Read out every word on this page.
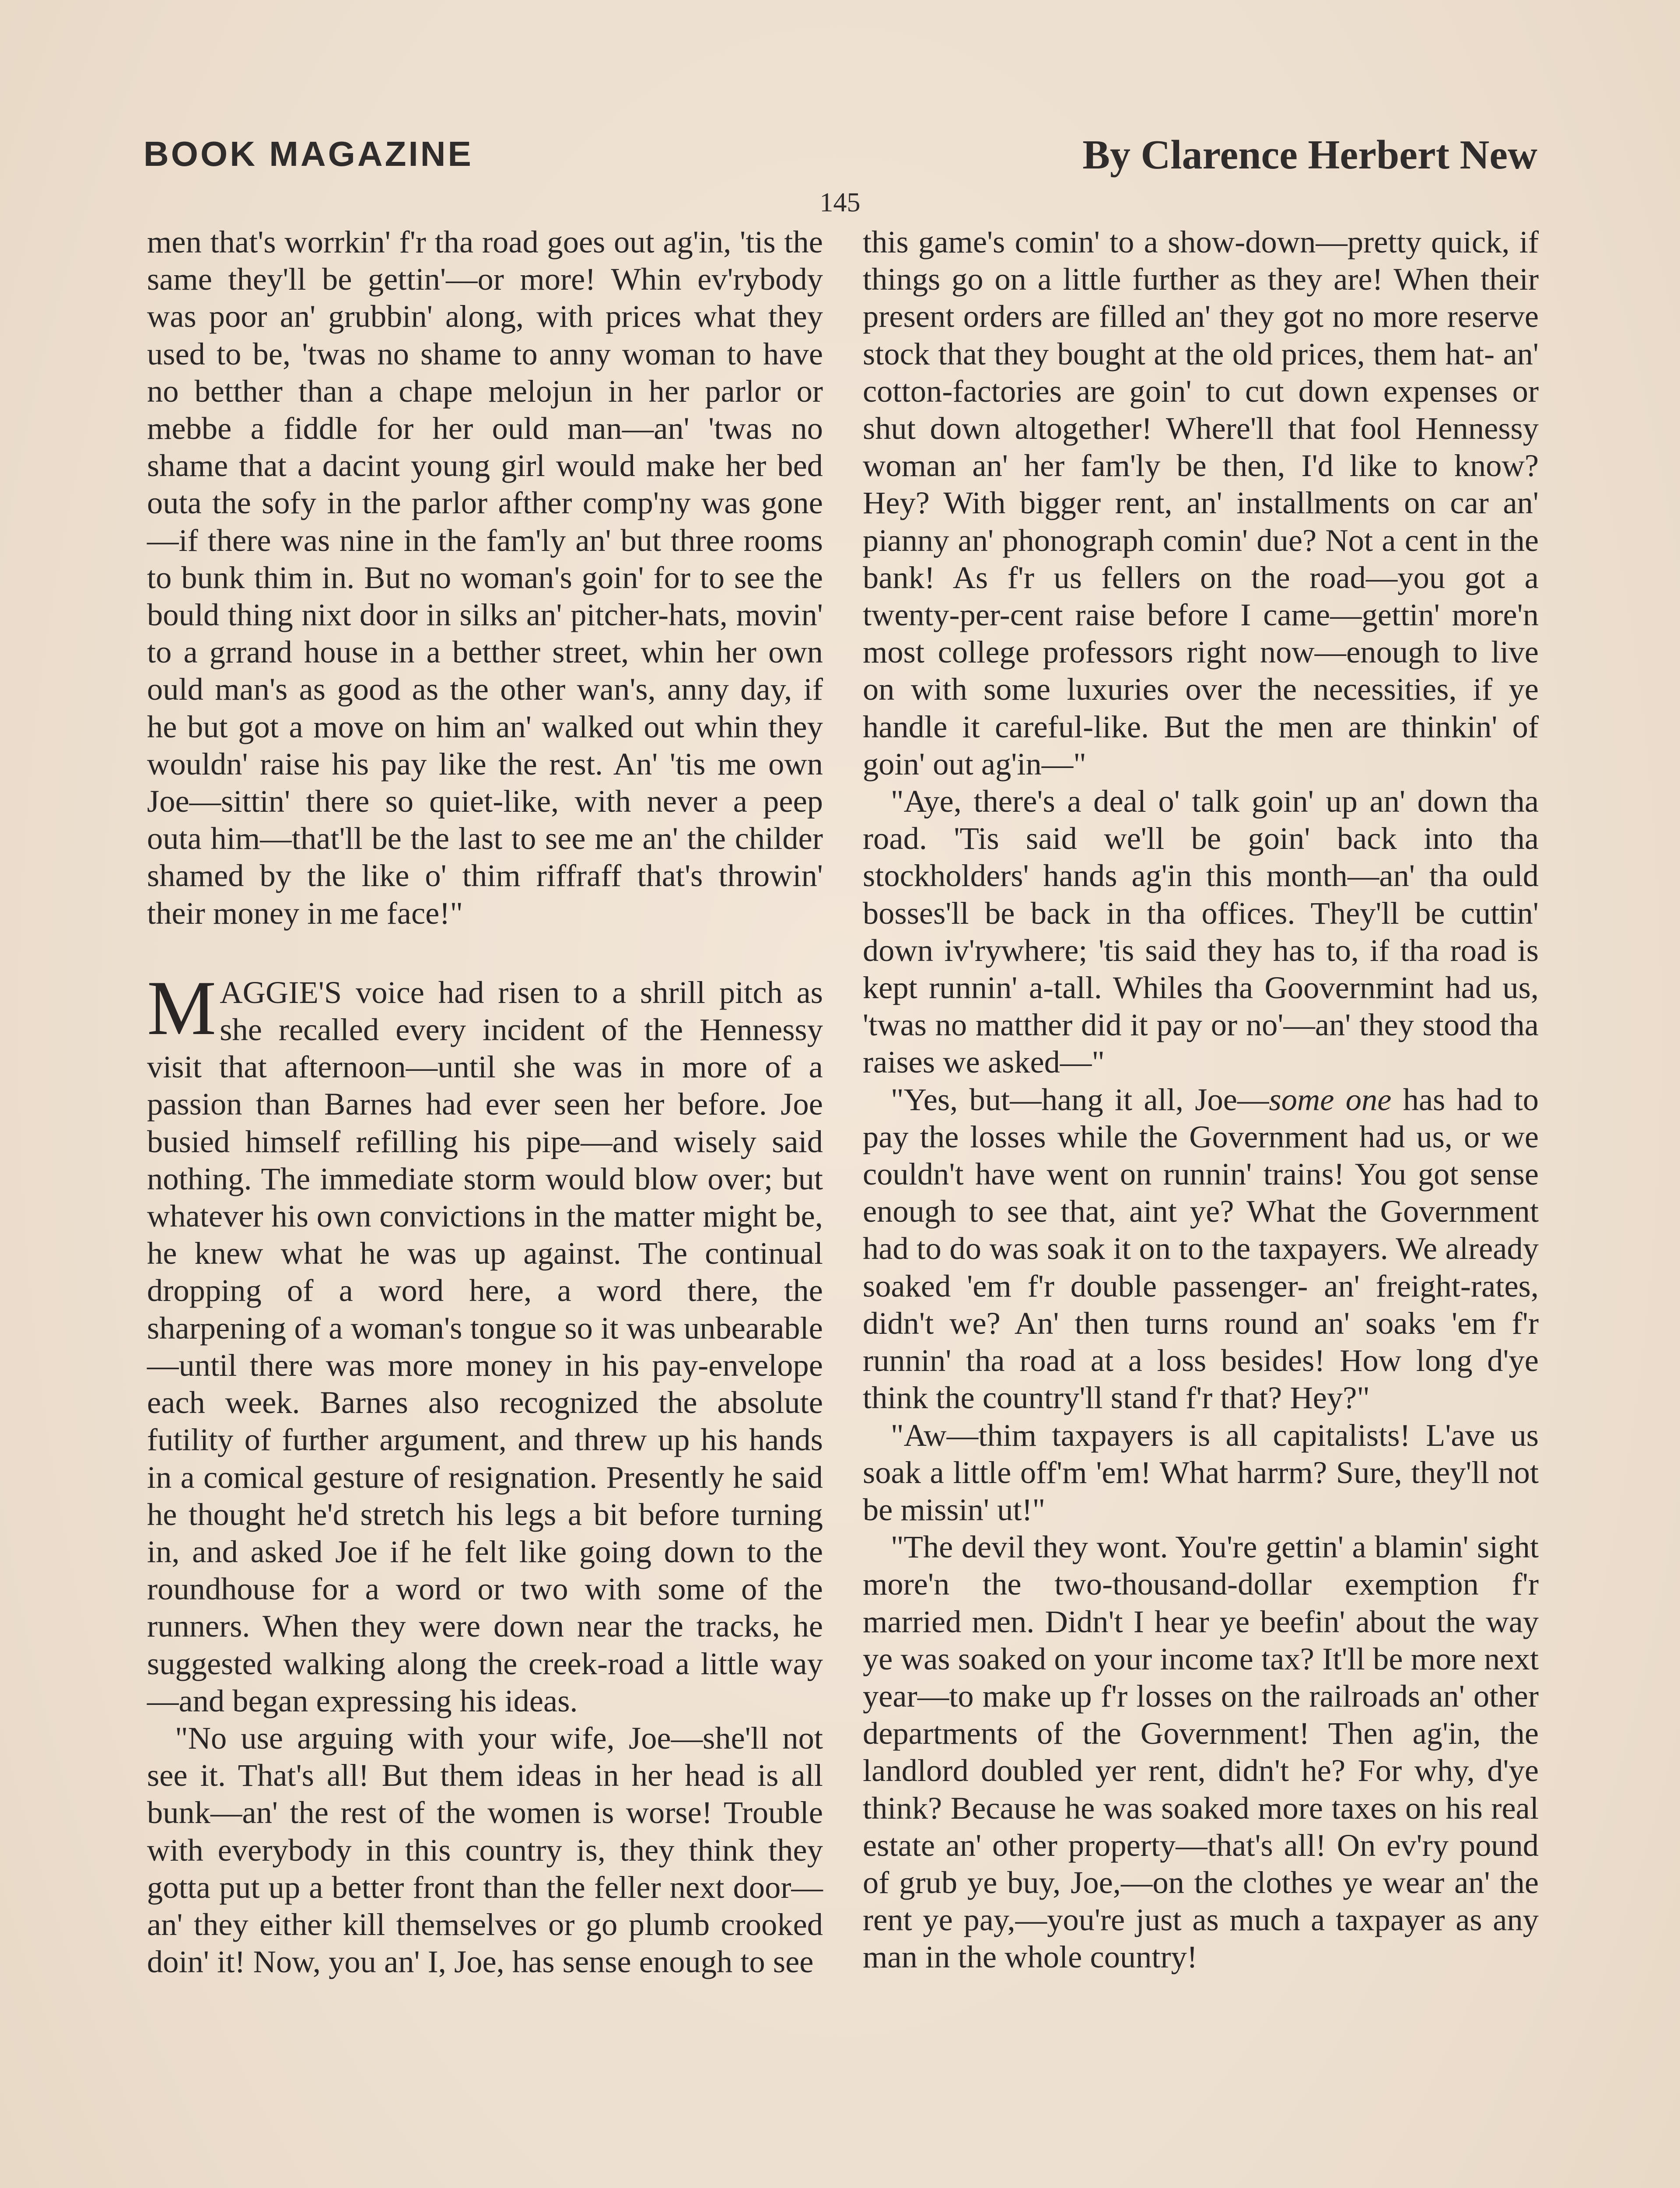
BOOK MAGAZINE	By Clarence Herbert New
145

men that's worrkin' f'r tha road goes out ag'in, 'tis the same they'll be gettin'—or more! Whin ev'rybody was poor an' grubbin' along, with prices what they used to be, 'twas no shame to anny woman to have no betther than a chape melojun in her parlor or mebbe a fiddle for her ould man—an' 'twas no shame that a dacint young girl would make her bed outa the sofy in the parlor afther comp'ny was gone—if there was nine in the fam'ly an' but three rooms to bunk thim in. But no woman's goin' for to see the bould thing nixt door in silks an' pitcher-hats, movin' to a grrand house in a betther street, whin her own ould man's as good as the other wan's, anny day, if he but got a move on him an' walked out whin they wouldn' raise his pay like the rest. An' 'tis me own Joe—sittin' there so quiet-like, with never a peep outa him—that'll be the last to see me an' the childer shamed by the like o' thim riffraff that's throwin' their money in me face!"

MAGGIE'S voice had risen to a shrill pitch as she recalled every incident of the Hennessy visit that afternoon—until she was in more of a passion than Barnes had ever seen her before. Joe busied himself refilling his pipe—and wisely said nothing. The immediate storm would blow over; but whatever his own convictions in the matter might be, he knew what he was up against. The continual dropping of a word here, a word there, the sharpening of a woman's tongue so it was unbearable—until there was more money in his pay-envelope each week. Barnes also recognized the absolute futility of further argument, and threw up his hands in a comical gesture of resignation. Presently he said he thought he'd stretch his legs a bit before turning in, and asked Joe if he felt like going down to the roundhouse for a word or two with some of the runners. When they were down near the tracks, he suggested walking along the creek-road a little way—and began expressing his ideas.

"No use arguing with your wife, Joe—she'll not see it. That's all! But them ideas in her head is all bunk—an' the rest of the women is worse! Trouble with everybody in this country is, they think they gotta put up a better front than the feller next door—an' they either kill themselves or go plumb crooked doin' it! Now, you an' I, Joe, has sense enough to see

this game's comin' to a show-down—pretty quick, if things go on a little further as they are! When their present orders are filled an' they got no more reserve stock that they bought at the old prices, them hat- an' cotton-factories are goin' to cut down expenses or shut down altogether! Where'll that fool Hennessy woman an' her fam'ly be then, I'd like to know? Hey? With bigger rent, an' installments on car an' pianny an' phonograph comin' due? Not a cent in the bank! As f'r us fellers on the road—you got a twenty-per-cent raise before I came—gettin' more'n most college professors right now—enough to live on with some luxuries over the necessities, if ye handle it careful-like. But the men are thinkin' of goin' out ag'in—"

"Aye, there's a deal o' talk goin' up an' down tha road. 'Tis said we'll be goin' back into tha stockholders' hands ag'in this month—an' tha ould bosses'll be back in tha offices. They'll be cuttin' down iv'rywhere; 'tis said they has to, if tha road is kept runnin' a-tall. Whiles tha Goovernmint had us, 'twas no matther did it pay or no'—an' they stood tha raises we asked—"

"Yes, but—hang it all, Joe—some one has had to pay the losses while the Government had us, or we couldn't have went on runnin' trains! You got sense enough to see that, aint ye? What the Government had to do was soak it on to the taxpayers. We already soaked 'em f'r double passenger- an' freight-rates, didn't we? An' then turns round an' soaks 'em f'r runnin' tha road at a loss besides! How long d'ye think the country'll stand f'r that? Hey?"

"Aw—thim taxpayers is all capitalists! L'ave us soak a little off'm 'em! What harrm? Sure, they'll not be missin' ut!"

"The devil they wont. You're gettin' a blamin' sight more'n the two-thousand-dollar exemption f'r married men. Didn't I hear ye beefin' about the way ye was soaked on your income tax? It'll be more next year—to make up f'r losses on the railroads an' other departments of the Government! Then ag'in, the landlord doubled yer rent, didn't he? For why, d'ye think? Because he was soaked more taxes on his real estate an' other property—that's all! On ev'ry pound of grub ye buy, Joe,—on the clothes ye wear an' the rent ye pay,—you're just as much a taxpayer as any man in the whole country!
